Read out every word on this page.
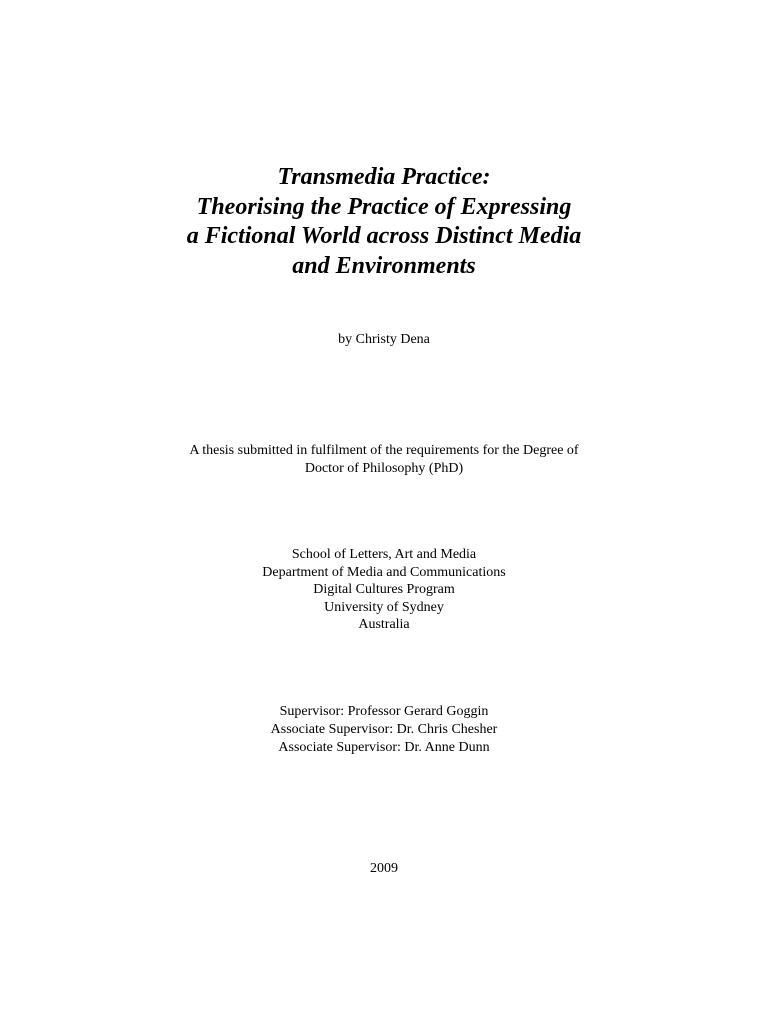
Transmedia Practice:
Theorising the Practice of Expressing
a Fictional World across Distinct Media
and Environments
by Christy Dena
A thesis submitted in fulfilment of the requirements for the Degree of
Doctor of Philosophy (PhD)
School of Letters, Art and Media
Department of Media and Communications
Digital Cultures Program
University of Sydney
Australia
Supervisor: Professor Gerard Goggin
Associate Supervisor: Dr. Chris Chesher
Associate Supervisor: Dr. Anne Dunn
2009
